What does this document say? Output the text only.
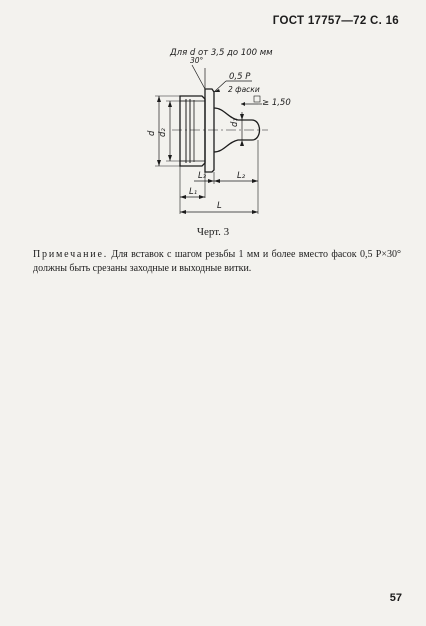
ГОСТ 17757—72 С. 16
Для d от 3,5 до 100 мм
30°
0,5 P
2 фаски
≥ 1,50
d d₂
d₁
L₃
L₁
L₂
L
Черт. 3
Примечание. Для вставок с шагом резьбы 1 мм и более вместо фасок 0,5 P×30° должны быть срезаны заходные и выходные витки.
57
